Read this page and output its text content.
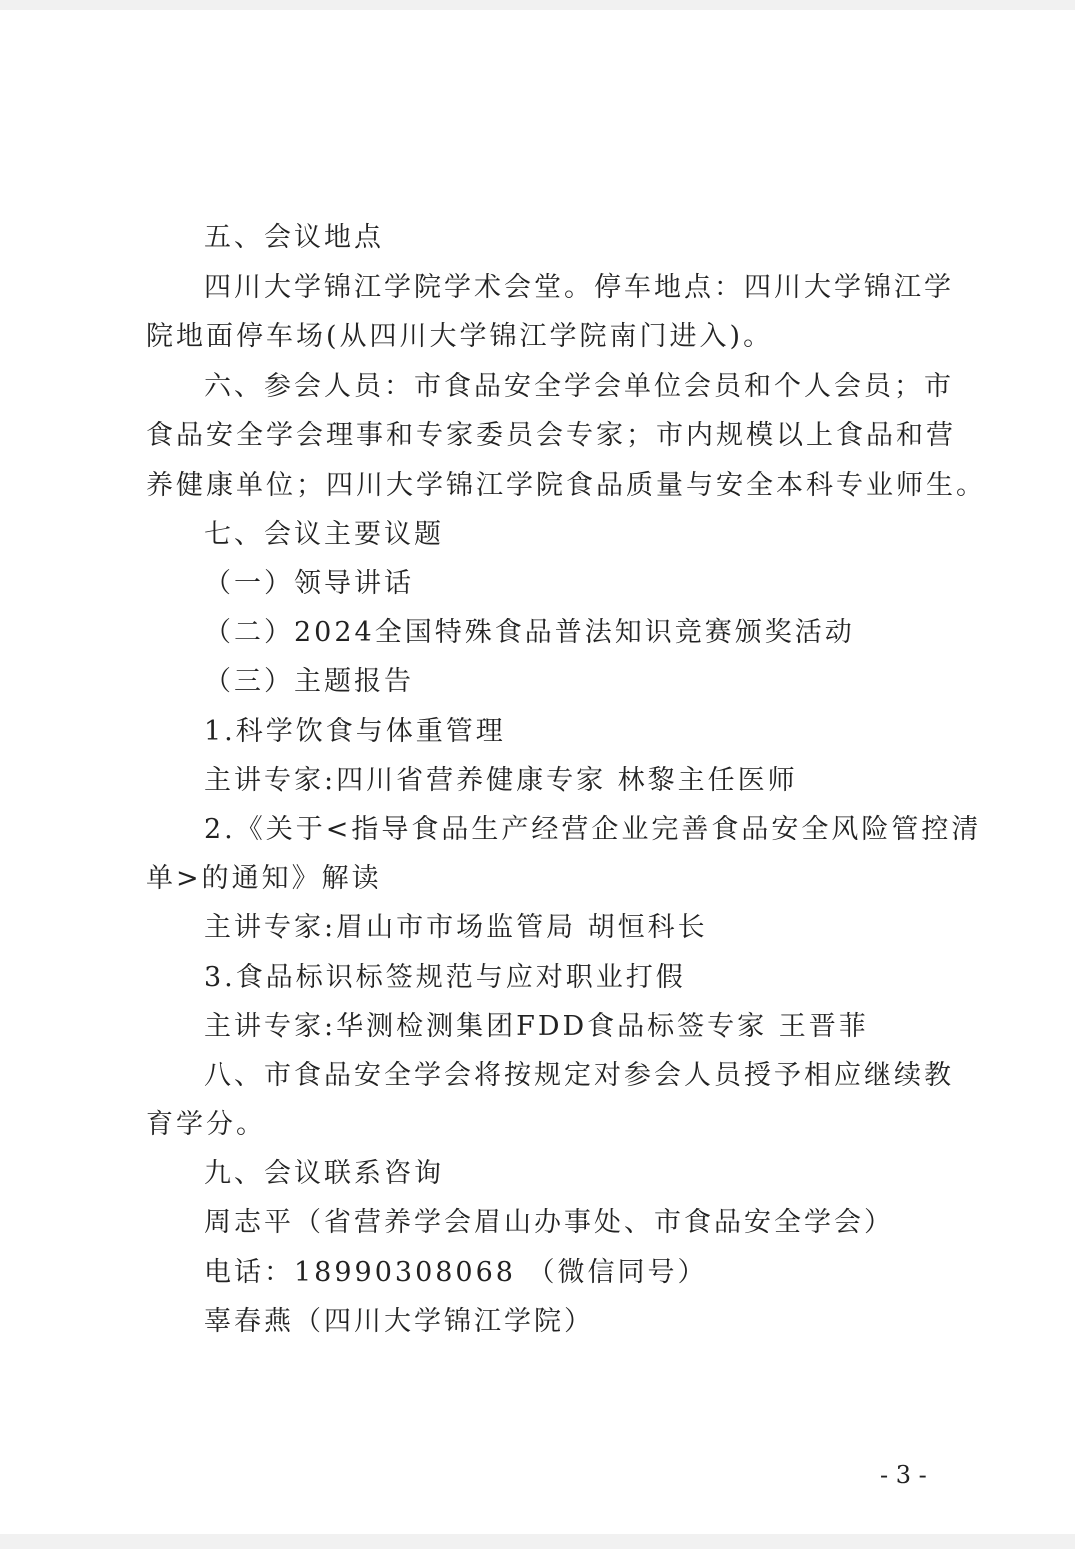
五、会议地点
四川大学锦江学院学术会堂。停车地点：四川大学锦江学
院地面停车场(从四川大学锦江学院南门进入)。
六、参会人员：市食品安全学会单位会员和个人会员；市
食品安全学会理事和专家委员会专家；市内规模以上食品和营
养健康单位；四川大学锦江学院食品质量与安全本科专业师生。
七、会议主要议题
（一）领导讲话
（二）2024全国特殊食品普法知识竞赛颁奖活动
（三）主题报告
1.科学饮食与体重管理
主讲专家:四川省营养健康专家 林黎主任医师
2.《关于<指导食品生产经营企业完善食品安全风险管控清
单>的通知》解读
主讲专家:眉山市市场监管局 胡恒科长
3.食品标识标签规范与应对职业打假
主讲专家:华测检测集团FDD食品标签专家 王晋菲
八、市食品安全学会将按规定对参会人员授予相应继续教
育学分。
九、会议联系咨询
周志平（省营养学会眉山办事处、市食品安全学会）
电话：18990308068 （微信同号）
辜春燕（四川大学锦江学院）
- 3 -
